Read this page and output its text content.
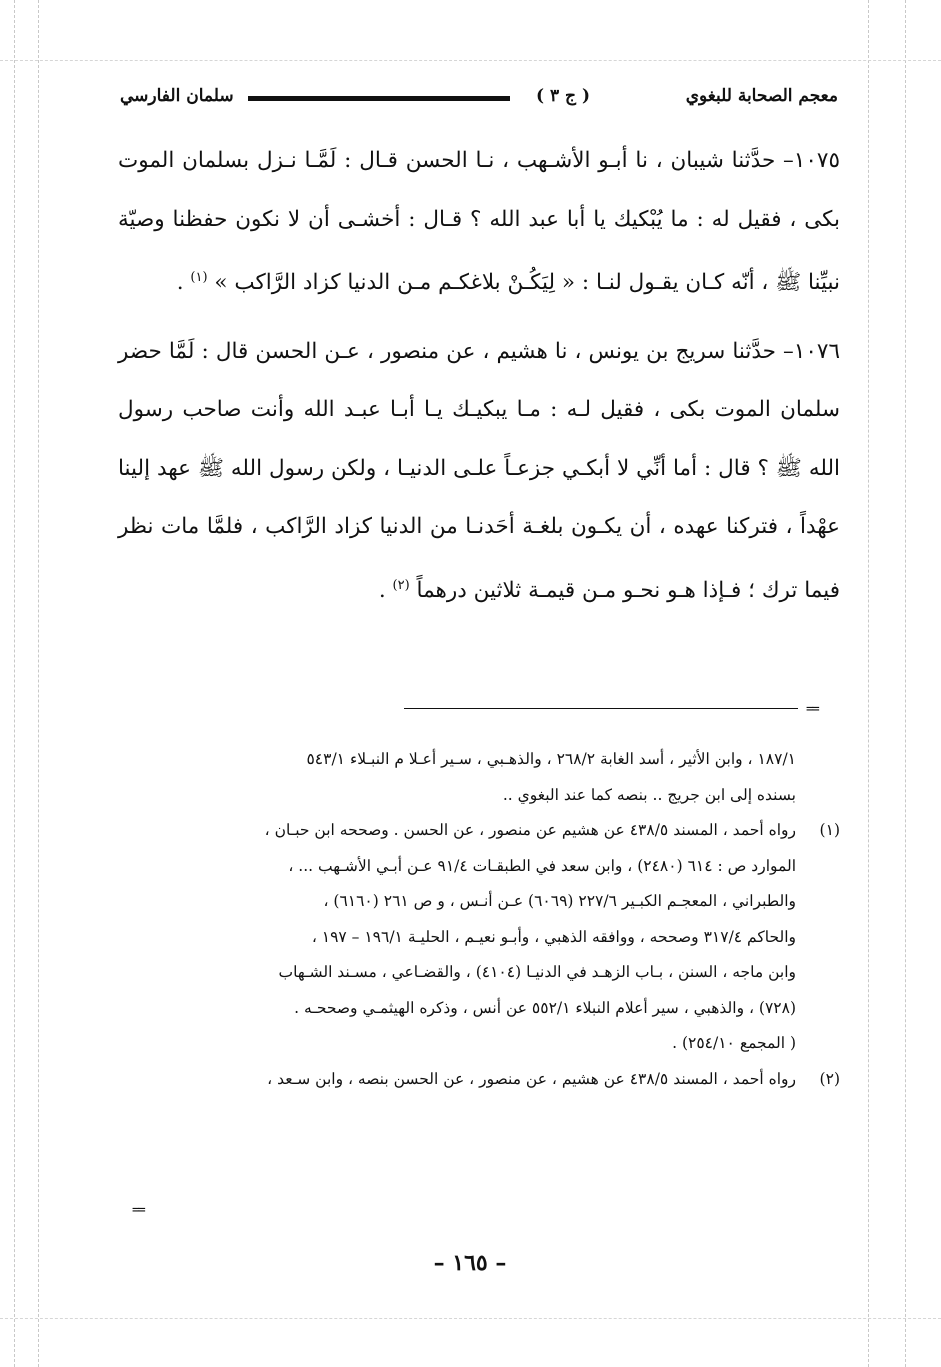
معجم الصحابة للبغوي
( ج ٣ )
سلمان الفارسي

١٠٧٥– حدَّثنا شيبان ، نا أبـو الأشـهب ، نـا الحسن قـال : لَمَّـا نـزل بسلمان الموت بكى ، فقيل له : ما يُبْكيك يا أبا عبد الله ؟ قـال : أخشـى أن لا نكون حفظنا وصيّة نبيِّنا ﷺ ، أنّه كـان يقـول لنـا : « لِيَكُـنْ بلاغكـم مـن الدنيا كزاد الرَّاكب » $^{(١)}$ .

١٠٧٦– حدَّثنا سريج بن يونس ، نا هشيم ، عن منصور ، عـن الحسن قال : لَمَّا حضر سلمان الموت بكى ، فقيل لـه : مـا يبكيـك يـا أبـا عبـد الله وأنت صاحب رسول الله ﷺ ؟ قال : أما أنِّي لا أبكـي جزعـاً علـى الدنيـا ، ولكن رسول الله ﷺ عهد إلينا عهْداً ، فتركنا عهده ، أن يكـون بلغـة أحَدنـا من الدنيا كزاد الرَّاكب ، فلمَّا مات نظر فيما ترك ؛ فـإذا هـو نحـو مـن قيمـة ثلاثين درهماً $^{(٢)}$ .

==
١٨٧/١ ، وابن الأثير ، أسد الغابة ٢٦٨/٢ ، والذهـبي ، سـير أعـلا م النبـلاء ٥٤٣/١
بسنده إلى ابن جريج .. بنصه كما عند البغوي ..
(١)رواه أحمد ، المسند ٤٣٨/٥ عن هشيم عن منصور ، عن الحسن . وصححه ابن حبـان ،
الموارد ص : ٦١٤ (٢٤٨٠) ، وابن سعد في الطبقـات ٩١/٤ عـن أبـي الأشـهب ... ،
والطبراني ، المعجـم الكبـير ٢٢٧/٦ (٦٠٦٩) عـن أنـس ، و ص ٢٦١ (٦١٦٠) ،
والحاكم ٣١٧/٤ وصححه ، ووافقه الذهبي ، وأبـو نعيـم ، الحليـة ١٩٦/١ – ١٩٧ ،
وابن ماجه ، السنن ، بـاب الزهـد في الدنيـا (٤١٠٤) ، والقضـاعي ، مسـند الشـهاب
(٧٢٨) ، والذهبي ، سير أعلام النبلاء ٥٥٢/١ عن أنس ، وذكره الهيثمـي وصححـه .
( المجمع ٢٥٤/١٠) .
(٢)رواه أحمد ، المسند ٤٣٨/٥ عن هشيم ، عن منصور ، عن الحسن بنصه ، وابن سـعد ،
==
– ١٦٥ –
